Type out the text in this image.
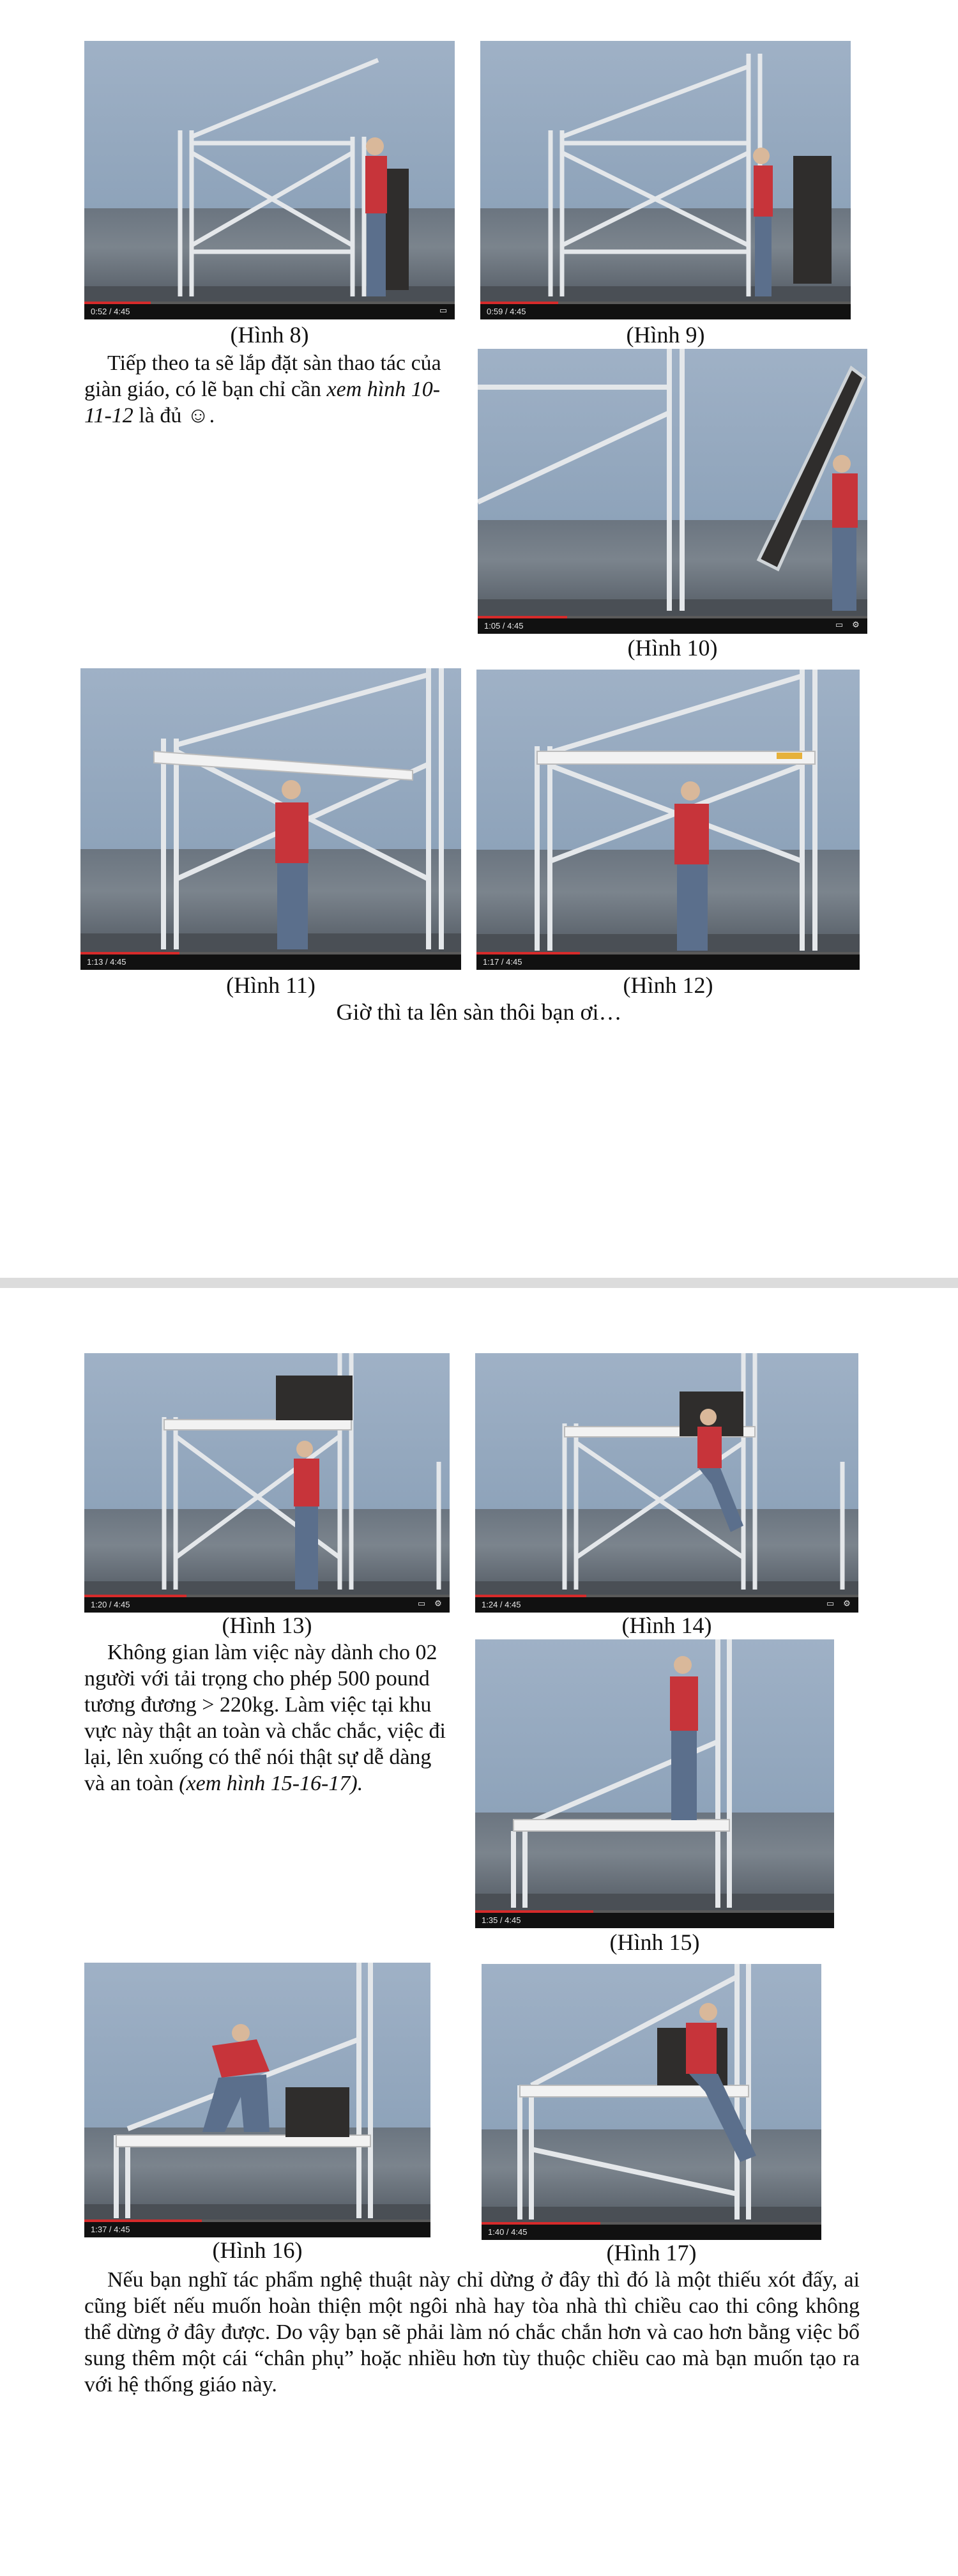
0:52 / 4:45	▭
(Hình 8)
0:59 / 4:45
(Hình 9)
Tiếp theo ta sẽ lắp đặt sàn thao tác của giàn giáo, có lẽ bạn chỉ cần xem hình 10-11-12 là đủ ☺.
1:05 / 4:45	▭ ⚙
(Hình 10)
1:13 / 4:45
(Hình 11)
1:17 / 4:45
(Hình 12)
Giờ thì ta lên sàn thôi bạn ơi…
1:20 / 4:45	▭ ⚙
(Hình 13)
1:24 / 4:45	▭ ⚙
(Hình 14)
Không gian làm việc này dành cho 02 người với tải trọng cho phép 500 pound tương đương > 220kg. Làm việc tại khu vực này thật an toàn và chắc chắc, việc đi lại, lên xuống có thể nói thật sự dễ dàng và an toàn (xem hình 15-16-17).
1:35 / 4:45
(Hình 15)
1:37 / 4:45
(Hình 16)
1:40 / 4:45
(Hình 17)
Nếu bạn nghĩ tác phẩm nghệ thuật này chỉ dừng ở đây thì đó là một thiếu xót đấy, ai cũng biết nếu muốn hoàn thiện một ngôi nhà hay tòa nhà thì chiều cao thi công không thể dừng ở đây được. Do vậy bạn sẽ phải làm nó chắc chắn hơn và cao hơn bằng việc bổ sung thêm một cái “chân phụ” hoặc nhiều hơn tùy thuộc chiều cao mà bạn muốn tạo ra với hệ thống giáo này.
